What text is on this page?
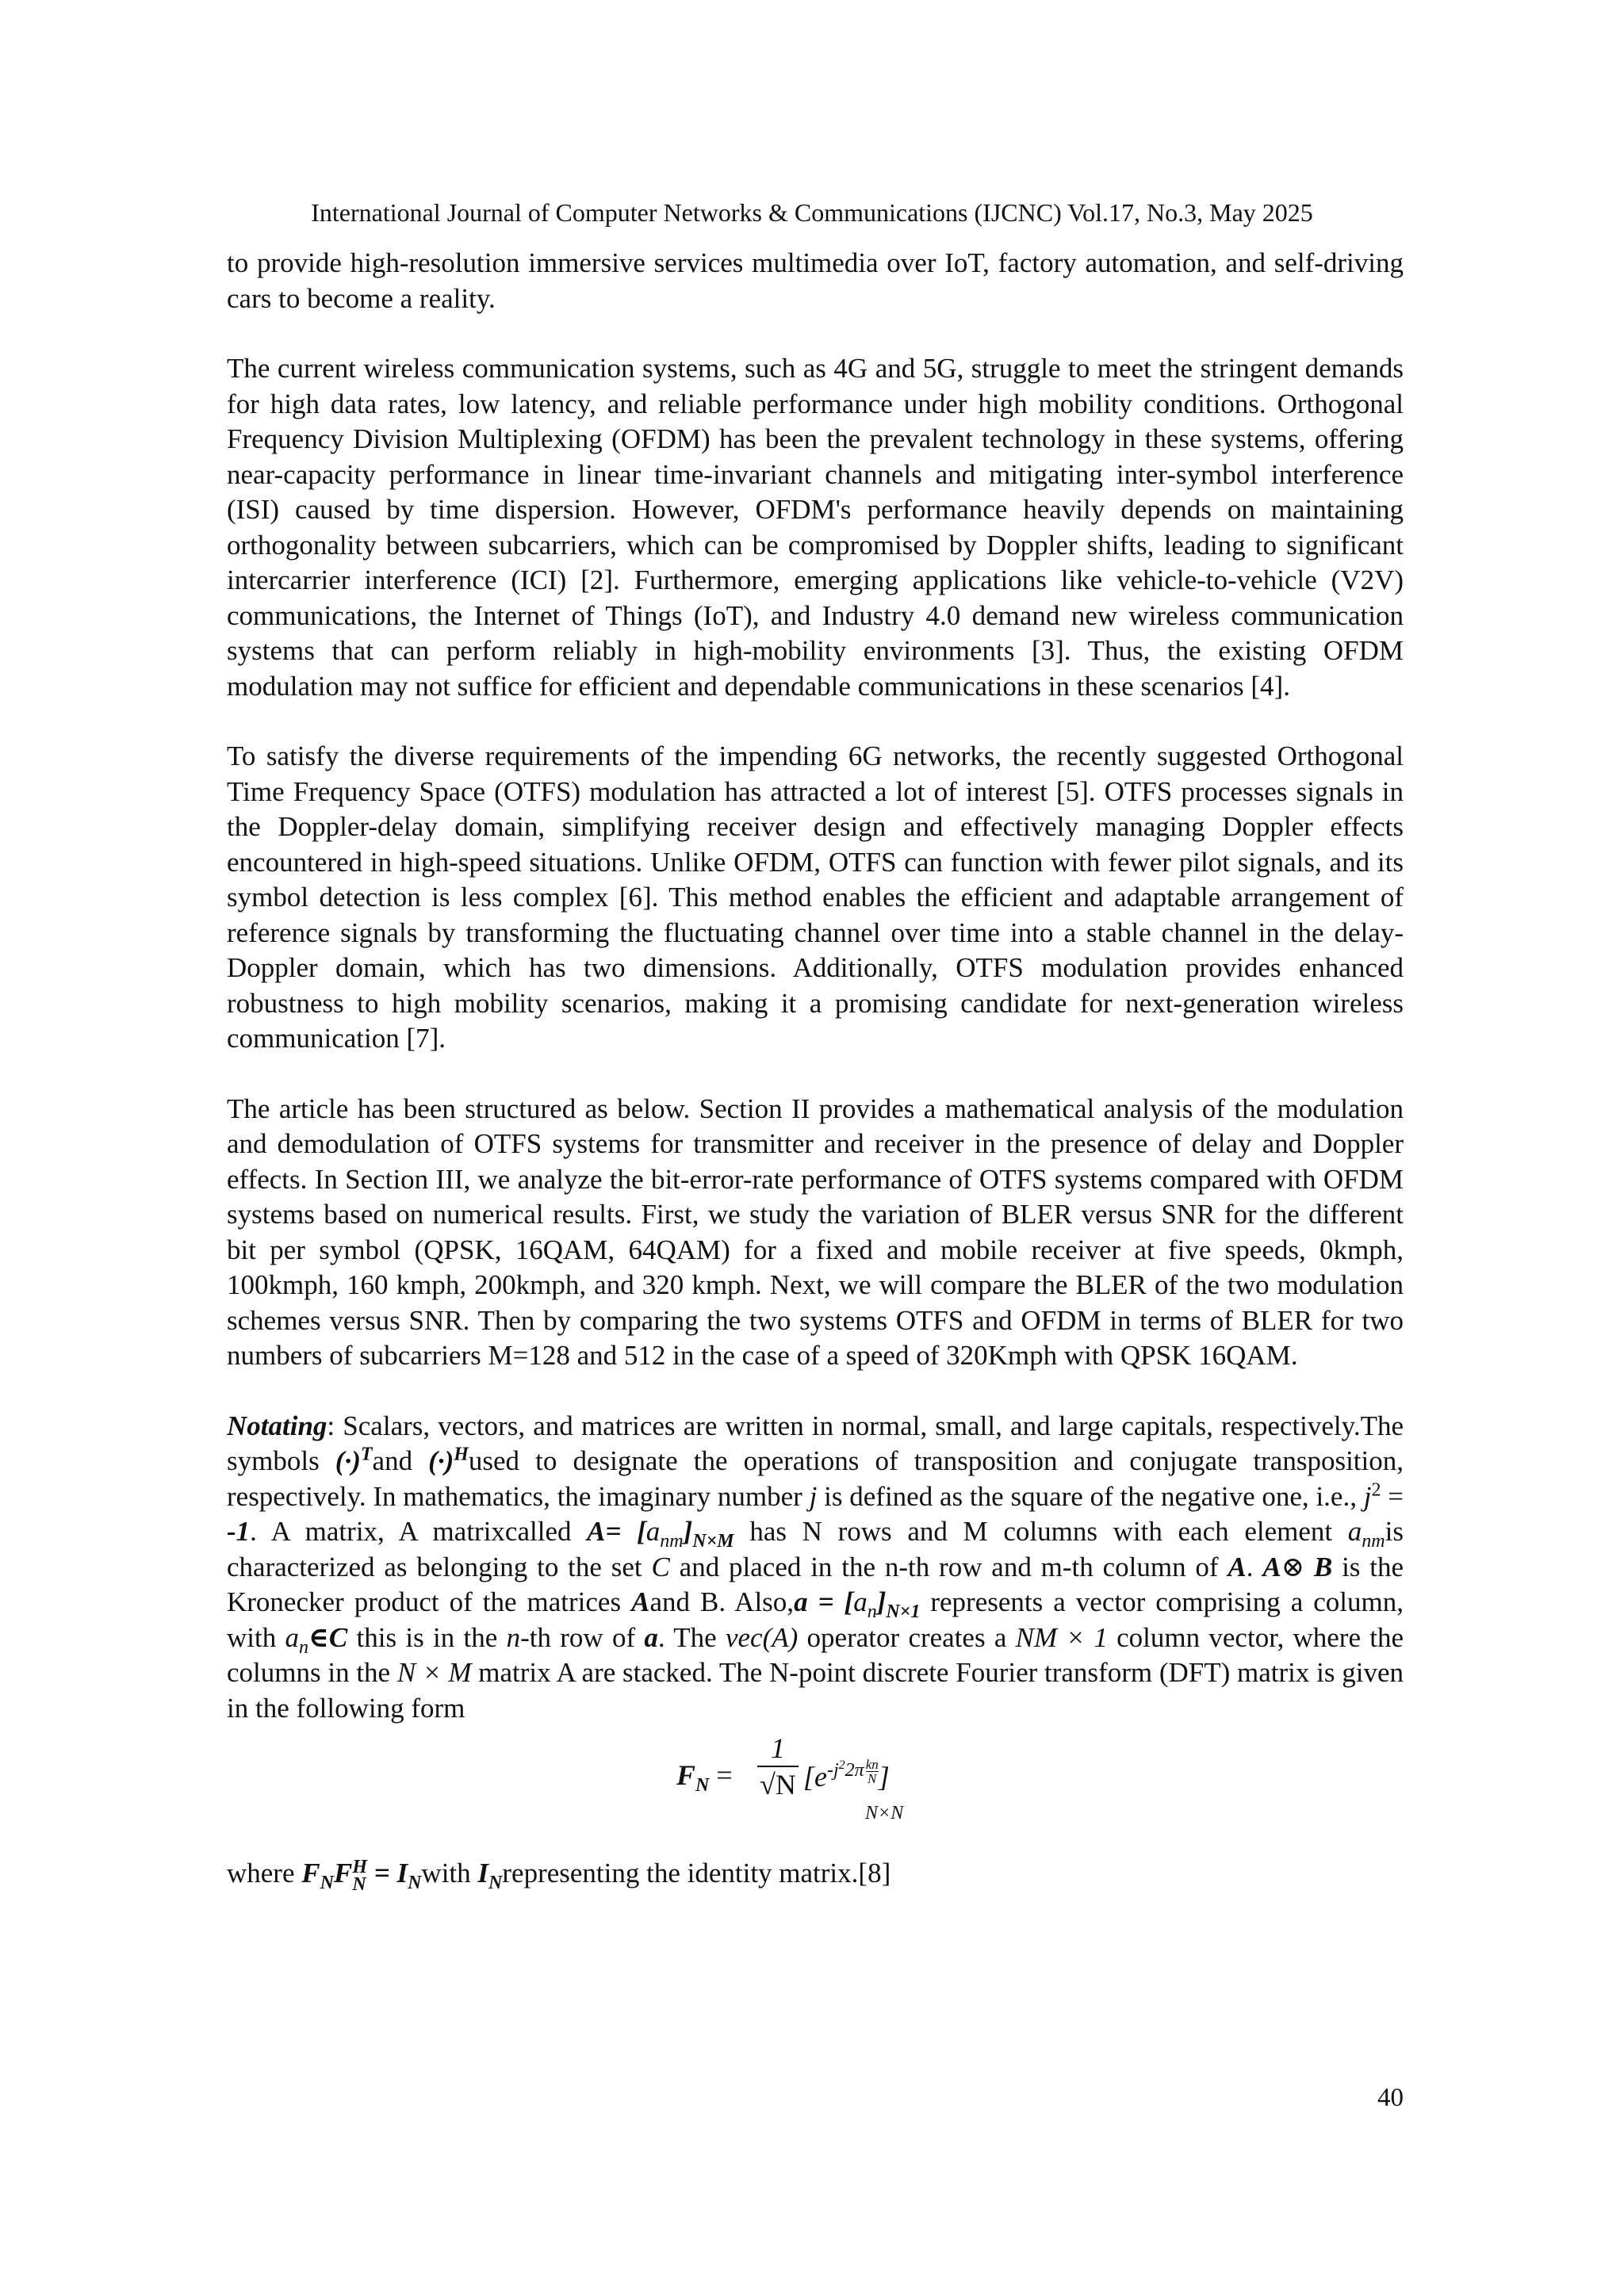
International Journal of Computer Networks & Communications (IJCNC) Vol.17, No.3, May 2025

to provide high-resolution immersive services multimedia over IoT, factory automation, and self-driving cars to become a reality.

The current wireless communication systems, such as 4G and 5G, struggle to meet the stringent demands for high data rates, low latency, and reliable performance under high mobility conditions. Orthogonal Frequency Division Multiplexing (OFDM) has been the prevalent technology in these systems, offering near-capacity performance in linear time-invariant channels and mitigating inter-symbol interference (ISI) caused by time dispersion. However, OFDM's performance heavily depends on maintaining orthogonality between subcarriers, which can be compromised by Doppler shifts, leading to significant intercarrier interference (ICI) [2]. Furthermore, emerging applications like vehicle-to-vehicle (V2V) communications, the Internet of Things (IoT), and Industry 4.0 demand new wireless communication systems that can perform reliably in high-mobility environments [3]. Thus, the existing OFDM modulation may not suffice for efficient and dependable communications in these scenarios [4].

To satisfy the diverse requirements of the impending 6G networks, the recently suggested Orthogonal Time Frequency Space (OTFS) modulation has attracted a lot of interest [5]. OTFS processes signals in the Doppler-delay domain, simplifying receiver design and effectively managing Doppler effects encountered in high-speed situations. Unlike OFDM, OTFS can function with fewer pilot signals, and its symbol detection is less complex [6]. This method enables the efficient and adaptable arrangement of reference signals by transforming the fluctuating channel over time into a stable channel in the delay-Doppler domain, which has two dimensions. Additionally, OTFS modulation provides enhanced robustness to high mobility scenarios, making it a promising candidate for next-generation wireless communication [7].

The article has been structured as below. Section II provides a mathematical analysis of the modulation and demodulation of OTFS systems for transmitter and receiver in the presence of delay and Doppler effects. In Section III, we analyze the bit-error-rate performance of OTFS systems compared with OFDM systems based on numerical results. First, we study the variation of BLER versus SNR for the different bit per symbol (QPSK, 16QAM, 64QAM) for a fixed and mobile receiver at five speeds, 0kmph, 100kmph, 160 kmph, 200kmph, and 320 kmph. Next, we will compare the BLER of the two modulation schemes versus SNR. Then by comparing the two systems OTFS and OFDM in terms of BLER for two numbers of subcarriers M=128 and 512 in the case of a speed of 320Kmph with QPSK 16QAM.

Notating: Scalars, vectors, and matrices are written in normal, small, and large capitals, respectively.The symbols $(\cdot)^Tand$ $(\cdot)^Hused$ to designate the operations of transposition and conjugate transposition, respectively. In mathematics, the imaginary number j is defined as the square of the negative one, i.e., $j^2 = -1$. A matrix, A matrixcalled $A= [a_{nm}]_{N\times M}$ has N rows and M columns with each element $a_{nm}is$ characterized as belonging to the set C and placed in the n-th row and m-th column of A. A⊗ B is the Kronecker product of the matrices Aand B. Also,a = $[a_n]_{N\times 1}$ represents a vector comprising a column, with $a_n\in C$ this is in the n-th row of a. The vec(A) operator creates a NM × 1 column vector, where the columns in the N × M matrix A are stacked. The N-point discrete Fourier transform (DFT) matrix is given in the following form

$F_N$ =
1
√N [$e^{-j^22\pi \frac{kn}{N}}$ ]
N×N

where $F_NF$ H
$N = I_Nwith$ $I_Nrepresenting$ the identity matrix.[8]

40
